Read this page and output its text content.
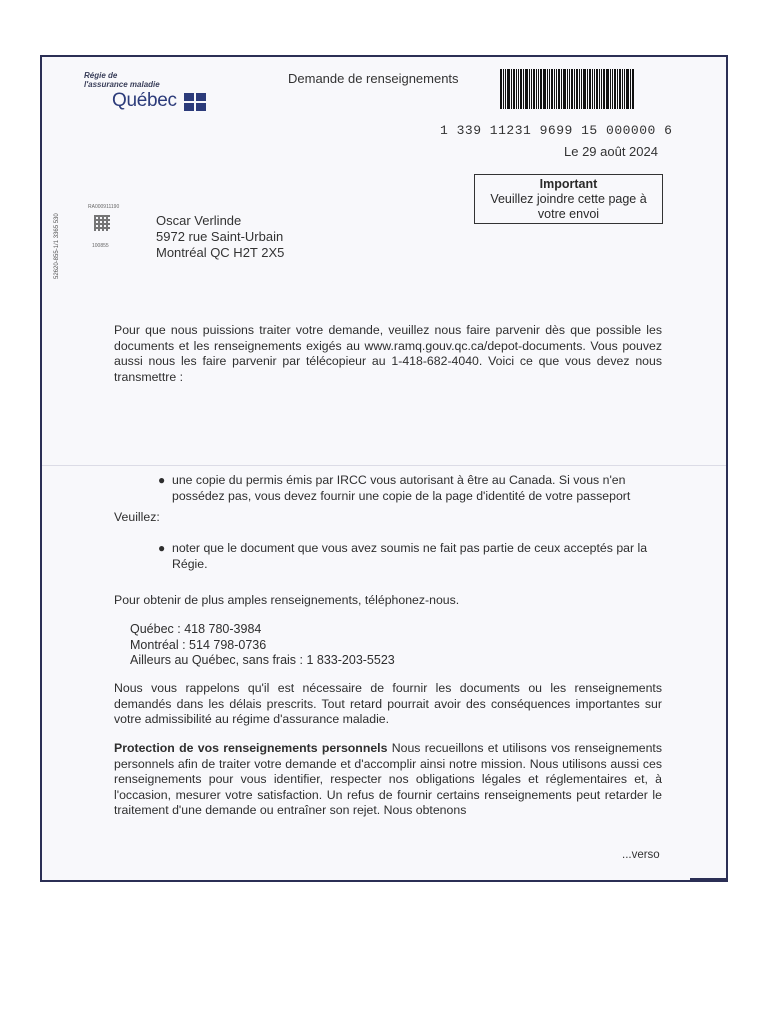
Régie de
l'assurance maladie
Québec
Demande de renseignements
1 339 11231 9699 15 000000 6
Le 29 août 2024
Important
Veuillez joindre cette page à votre envoi
52620-855-1/1 3365 530
RA000911190
100855
Oscar Verlinde
5972 rue Saint-Urbain
Montréal QC H2T 2X5
Pour que nous puissions traiter votre demande, veuillez nous faire parvenir dès que possible les documents et les renseignements exigés au www.ramq.gouv.qc.ca/depot-documents. Vous pouvez aussi nous les faire parvenir par télécopieur au 1-418-682-4040. Voici ce que vous devez nous transmettre :
● une copie du permis émis par IRCC vous autorisant à être au Canada. Si vous n'en possédez pas, vous devez fournir une copie de la page d'identité de votre passeport
Veuillez:
● noter que le document que vous avez soumis ne fait pas partie de ceux acceptés par la Régie.
Pour obtenir de plus amples renseignements, téléphonez-nous.
Québec : 418 780-3984
Montréal : 514 798-0736
Ailleurs au Québec, sans frais : 1 833-203-5523
Nous vous rappelons qu'il est nécessaire de fournir les documents ou les renseignements demandés dans les délais prescrits. Tout retard pourrait avoir des conséquences importantes sur votre admissibilité au régime d'assurance maladie.
Protection de vos renseignements personnels Nous recueillons et utilisons vos renseignements personnels afin de traiter votre demande et d'accomplir ainsi notre mission. Nous utilisons aussi ces renseignements pour vous identifier, respecter nos obligations légales et réglementaires et, à l'occasion, mesurer votre satisfaction. Un refus de fournir certains renseignements peut retarder le traitement d'une demande ou entraîner son rejet. Nous obtenons
...verso
